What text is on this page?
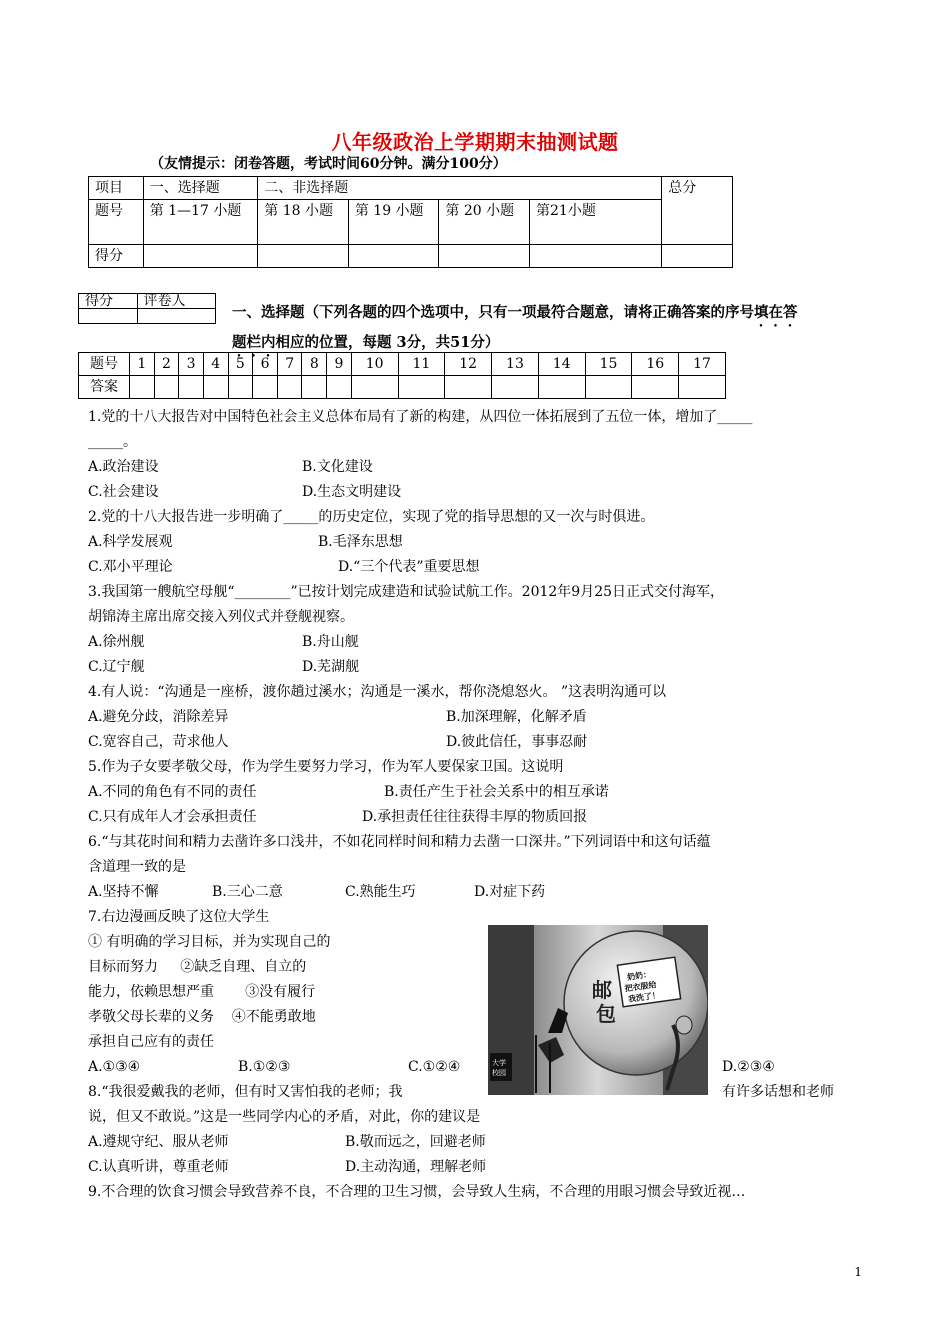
八年级政治上学期期末抽测试题
（友情提示：闭卷答题，考试时间60分钟。满分100分）
项目	一、选择题	二、非选择题				总分
题号	第 1—17 小题	第 18 小题	第 19 小题	第 20 小题	第21小题	
得分						
得分	评卷人

一、选择题（下列各题的四个选项中，只有一项最符合题意，请将正确答案的序号填在答
题栏内相应的位置，每题 3分，共51分）
题号	1	2	3	4	5	6	7	8	9	10	11	12	13	14	15	16	17
答案																	
1.党的十八大报告对中国特色社会主义总体布局有了新的构建，从四位一体拓展到了五位一体，增加了_____
_____。
A.政治建设	B.文化建设
C.社会建设	D.生态文明建设
2.党的十八大报告进一步明确了_____的历史定位，实现了党的指导思想的又一次与时俱进。
A.科学发展观	B.毛泽东思想
C.邓小平理论	D.“三个代表”重要思想
3.我国第一艘航空母舰“________”已按计划完成建造和试验试航工作。2012年9月25日正式交付海军，
胡锦涛主席出席交接入列仪式并登舰视察。
A.徐州舰	B.舟山舰
C.辽宁舰	D.芜湖舰
4.有人说：“沟通是一座桥，渡你趟过溪水；沟通是一溪水，帮你浇熄怒火。 ”这表明沟通可以
A.避免分歧，消除差异	B.加深理解，化解矛盾
C.宽容自己，苛求他人	D.彼此信任，事事忍耐
5.作为子女要孝敬父母，作为学生要努力学习，作为军人要保家卫国。这说明
A.不同的角色有不同的责任	B.责任产生于社会关系中的相互承诺
C.只有成年人才会承担责任	D.承担责任往往获得丰厚的物质回报
6.“与其花时间和精力去凿许多口浅井，不如花同样时间和精力去凿一口深井。”下列词语中和这句话蕴
含道理一致的是
A.坚持不懈	B.三心二意	C.熟能生巧	D.对症下药
7.右边漫画反映了这位大学生
① 有明确的学习目标，并为实现自己的
目标而努力     ②缺乏自理、自立的
能力，依赖思想严重       ③没有履行
孝敬父母长辈的义务    ④不能勇敢地
承担自己应有的责任
A.①③④	B.①②③	C.①②④	D.②③④
8.“我很爱戴我的老师，但有时又害怕我的老师；我	有许多话想和老师
说，但又不敢说。”这是一些同学内心的矛盾，对此，你的建议是
A.遵规守纪、服从老师	B.敬而远之，回避老师
C.认真听讲，尊重老师	D.主动沟通，理解老师
9.不合理的饮食习惯会导致营养不良，不合理的卫生习惯，会导致人生病，不合理的用眼习惯会导致近视…
奶奶：
把衣服给
我洗了！
邮
包
大学
校园
1
